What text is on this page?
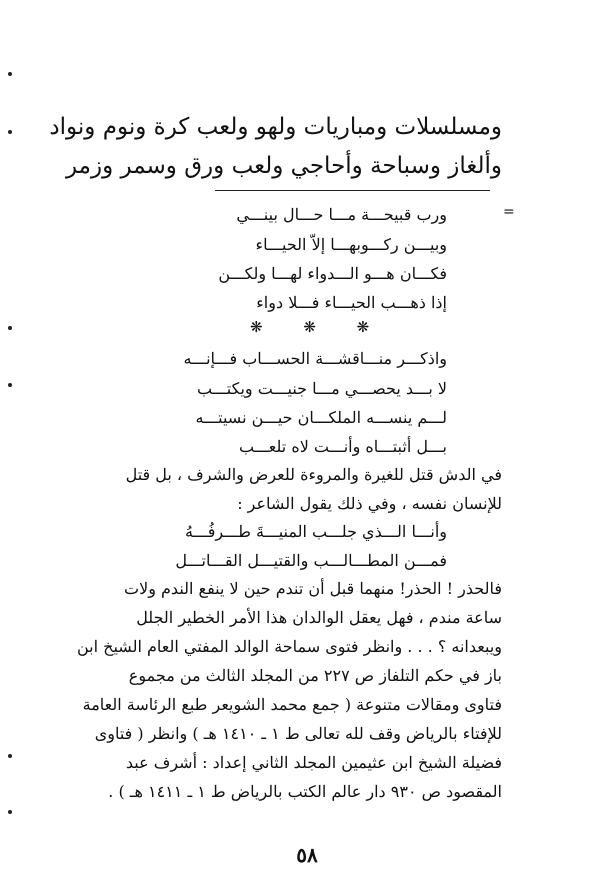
ومسلسلات ومباريات ولهو ولعب كرة ونوم ونواد
وألغاز وسباحة وأحاجي ولعب ورق وسمر وزمر
=
ورب قبيحـــة مـــا حـــال بينـــي
وبيـــن ركـــوبهـــا إلاّ الحيـــاء
فكـــان هـــو الـــدواء لهـــا ولكـــن
إذا ذهـــب الحيـــاء فـــلا دواء
❋ ❋ ❋
واذكـــر منـــاقشـــة الحســـاب فـــإنـــه
لا بـــد يحصـــي مـــا جنيـــت ويكتـــب
لـــم ينســـه الملكـــان حيـــن نسيتـــه
بـــل أثبتـــاه وأنـــت لاه تلعـــب
في الدش قتل للغيرة والمروءة للعرض والشرف ، بل قتل
للإنسان نفسه ، وفي ذلك يقول الشاعر :
وأنـــا الـــذي جلـــب المنيـــةَ طـــرفُـــهُ
فمـــن المطـــالـــب والقتيـــل القـــاتـــل
فالحذر ! الحذر! منهما قبل أن تندم حين لا ينفع الندم ولات
ساعة مندم ، فهل يعقل الوالدان هذا الأمر الخطير الجلل
ويبعدانه ؟ . . . وانظر فتوى سماحة الوالد المفتي العام الشيخ ابن
باز في حكم التلفاز ص ٢٢٧ من المجلد الثالث من مجموع
فتاوى ومقالات متنوعة ( جمع محمد الشويعر طبع الرئاسة العامة
للإفتاء بالرياض وقف لله تعالى ط ١ ـ ١٤١٠ هـ ) وانظر ( فتاوى
فضيلة الشيخ ابن عثيمين المجلد الثاني إعداد : أشرف عبد
المقصود ص ٩٣٠ دار عالم الكتب بالرياض ط ١ ـ ١٤١١ هـ ) .
٥٨
